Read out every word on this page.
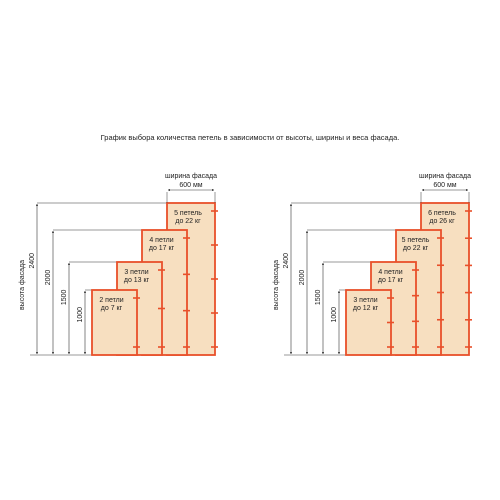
График выбора количества петель в зависимости от высоты, ширины и веса фасада.
2 петли
до 7 кг
3 петли
до 13 кг
4 петли
до 17 кг
5 петель
до 22 кг
2400
2000
1500
1000
высота фасада
ширина фасада
600 мм
3 петли
до 12 кг
4 петли
до 17 кг
5 петель
до 22 кг
6 петель
до 26 кг
2400
2000
1500
1000
высота фасада
ширина фасада
600 мм
